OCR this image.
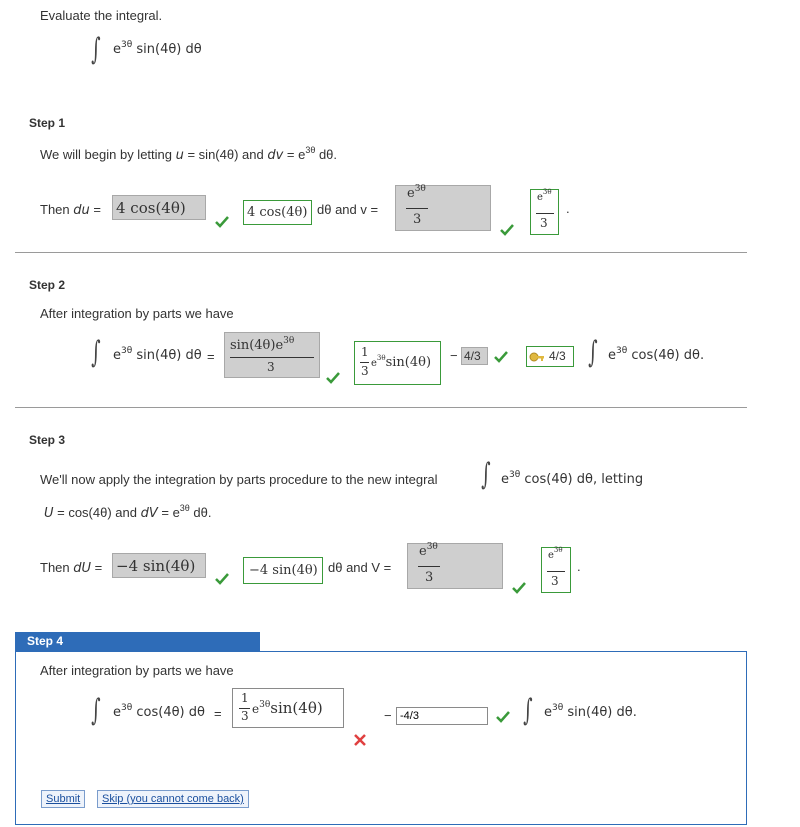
Evaluate the integral.
∫ $e^{3\theta}$ sin(4θ) dθ
Step 1
We will begin by letting u = sin(4θ) and dv = $e^{3\theta}$ dθ.
Then du = 4 cos(4θ)	4 cos(4θ) dθ and v =
$e^{3\theta}$
3
$e^{3\theta}$
3
.
Step 2
After integration by parts we have
∫ $e^{3\theta}$ sin(4θ) dθ =
$\sin(4\theta)e^{3\theta}$
3
1
3
$e^{3\theta}\sin(4\theta) - 4/3$	4/3 ∫ $e^{3\theta}$ cos(4θ) dθ.
Step 3
We'll now apply the integration by parts procedure to the new integral ∫ $e^{3\theta}$ cos(4θ) dθ, letting
U = cos(4θ) and dV = $e^{3\theta}$ dθ.
Then dU = −4 sin(4θ)	−4 sin(4θ) dθ and V =
$e^{3\theta}$
3
$e^{3\theta}$
3
.
Step 4
After integration by parts we have
∫ $e^{3\theta}$ cos(4θ) dθ =
1
3 $e^{3\theta}\sin(4\theta)$	−
-4/3	∫ $e^{3\theta}$ sin(4θ) dθ.
Submit	Skip (you cannot come back)
